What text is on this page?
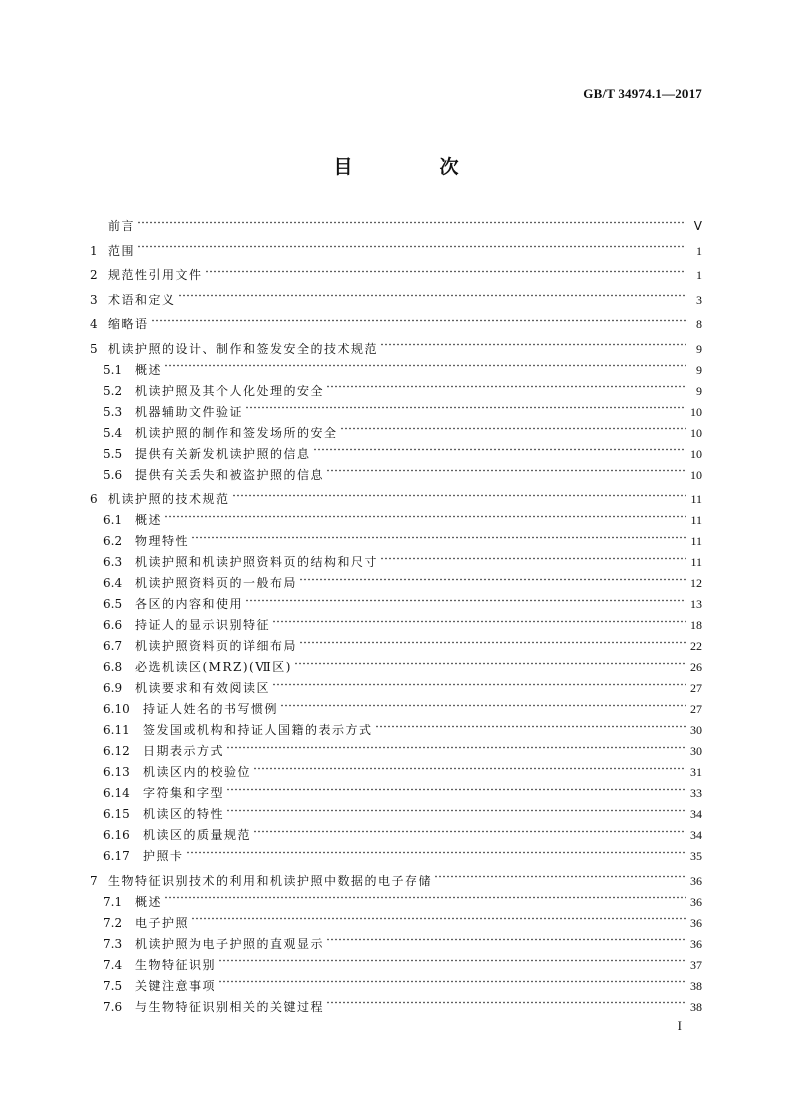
GB/T 34974.1—2017
目　次
前言	Ⅴ
1 范围	1
2 规范性引用文件	1
3 术语和定义	3
4 缩略语	8
5 机读护照的设计、制作和签发安全的技术规范	9
5.1	概述	9
5.2	机读护照及其个人化处理的安全	9
5.3	机器辅助文件验证	10
5.4	机读护照的制作和签发场所的安全	10
5.5	提供有关新发机读护照的信息	10
5.6	提供有关丢失和被盗护照的信息	10
6 机读护照的技术规范	11
6.1	概述	11
6.2	物理特性	11
6.3	机读护照和机读护照资料页的结构和尺寸	11
6.4	机读护照资料页的一般布局	12
6.5	各区的内容和使用	13
6.6	持证人的显示识别特征	18
6.7	机读护照资料页的详细布局	22
6.8	必选机读区(MRZ)(Ⅶ区)	26
6.9	机读要求和有效阅读区	27
6.10	持证人姓名的书写惯例	27
6.11	签发国或机构和持证人国籍的表示方式	30
6.12	日期表示方式	30
6.13	机读区内的校验位	31
6.14	字符集和字型	33
6.15	机读区的特性	34
6.16	机读区的质量规范	34
6.17	护照卡	35
7 生物特征识别技术的利用和机读护照中数据的电子存储	36
7.1	概述	36
7.2	电子护照	36
7.3	机读护照为电子护照的直观显示	36
7.4	生物特征识别	37
7.5	关键注意事项	38
7.6	与生物特征识别相关的关键过程	38
I
